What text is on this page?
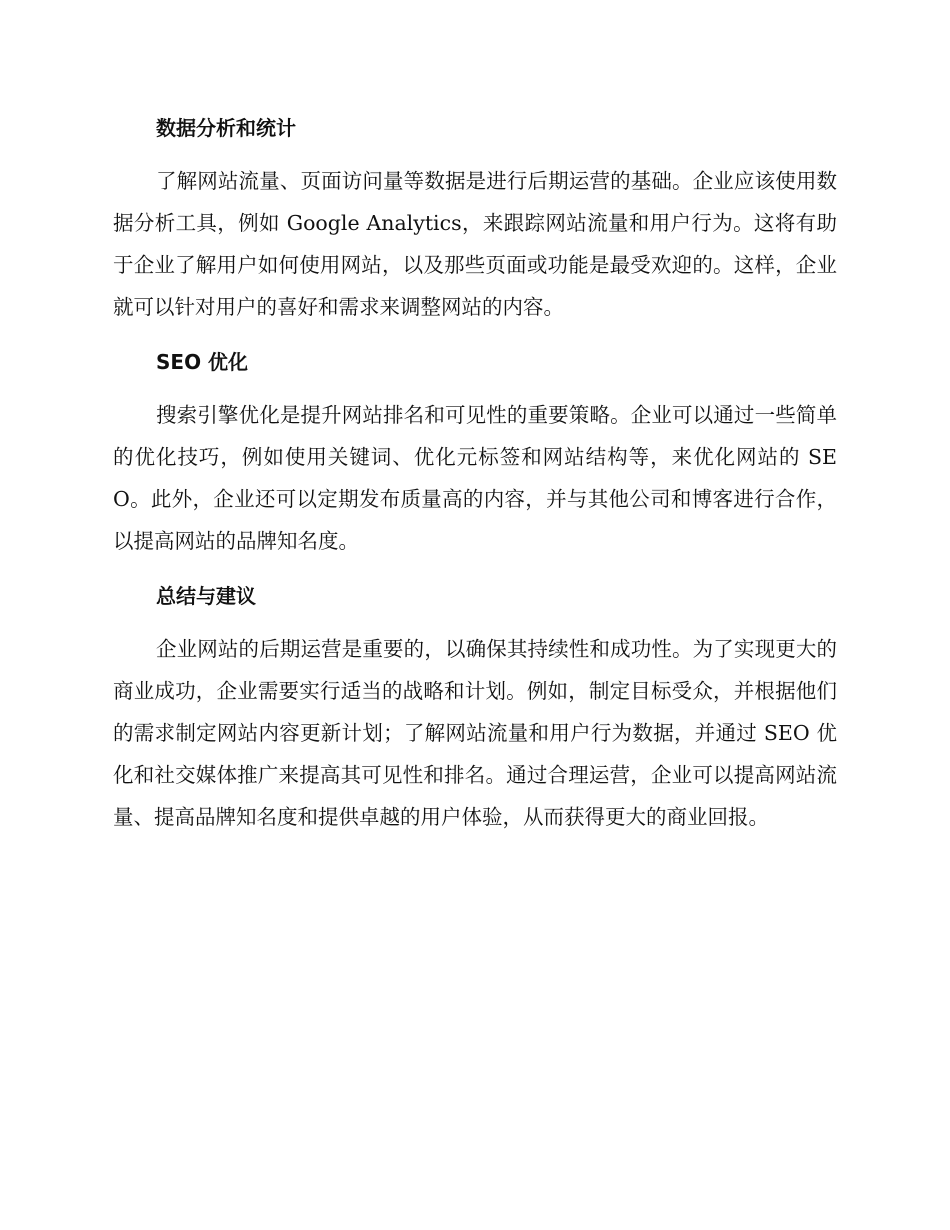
数据分析和统计

了解网站流量、页面访问量等数据是进行后期运营的基础。企业应该使用数据分析工具，例如 Google Analytics，来跟踪网站流量和用户行为。这将有助于企业了解用户如何使用网站，以及那些页面或功能是最受欢迎的。这样，企业就可以针对用户的喜好和需求来调整网站的内容。

SEO 优化

搜索引擎优化是提升网站排名和可见性的重要策略。企业可以通过一些简单的优化技巧，例如使用关键词、优化元标签和网站结构等，来优化网站的 SEO。此外，企业还可以定期发布质量高的内容，并与其他公司和博客进行合作，以提高网站的品牌知名度。

总结与建议

企业网站的后期运营是重要的，以确保其持续性和成功性。为了实现更大的商业成功，企业需要实行适当的战略和计划。例如，制定目标受众，并根据他们的需求制定网站内容更新计划；了解网站流量和用户行为数据，并通过 SEO 优化和社交媒体推广来提高其可见性和排名。通过合理运营，企业可以提高网站流量、提高品牌知名度和提供卓越的用户体验，从而获得更大的商业回报。
